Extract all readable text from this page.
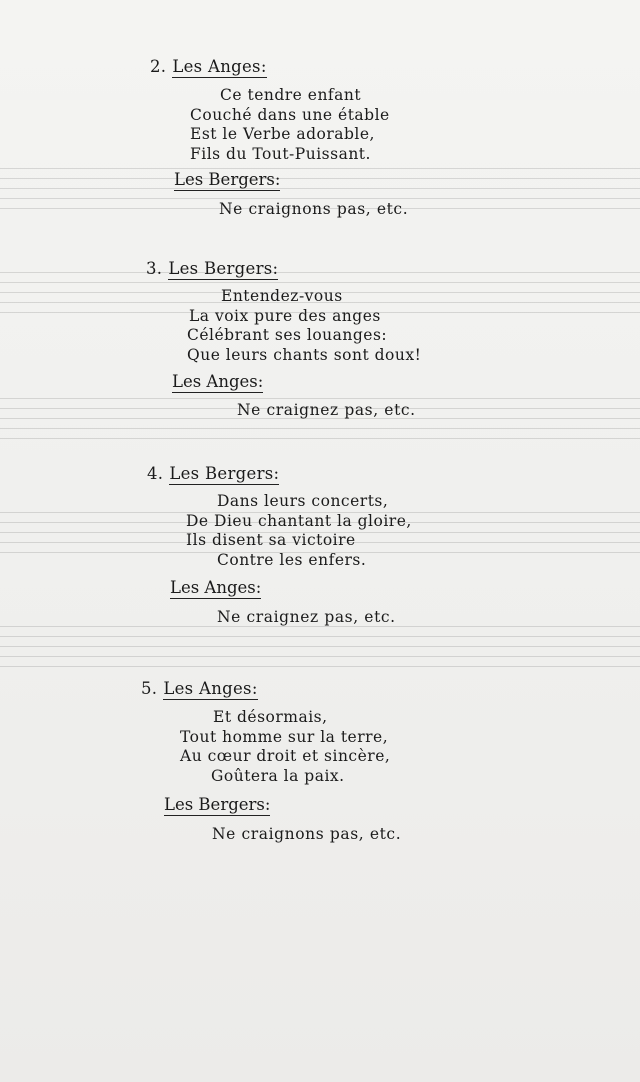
2. Les Anges:
Ce tendre enfant
Couché dans une étable
Est le Verbe adorable,
Fils du Tout-Puissant.
Les Bergers:
Ne craignons pas, etc.
3. Les Bergers:
Entendez-vous
La voix pure des anges
Célébrant ses louanges:
Que leurs chants sont doux!
Les Anges:
Ne craignez pas, etc.
4. Les Bergers:
Dans leurs concerts,
De Dieu chantant la gloire,
Ils disent sa victoire
Contre les enfers.
Les Anges:
Ne craignez pas, etc.
5. Les Anges:
Et désormais,
Tout homme sur la terre,
Au cœur droit et sincère,
Goûtera la paix.
Les Bergers:
Ne craignons pas, etc.
